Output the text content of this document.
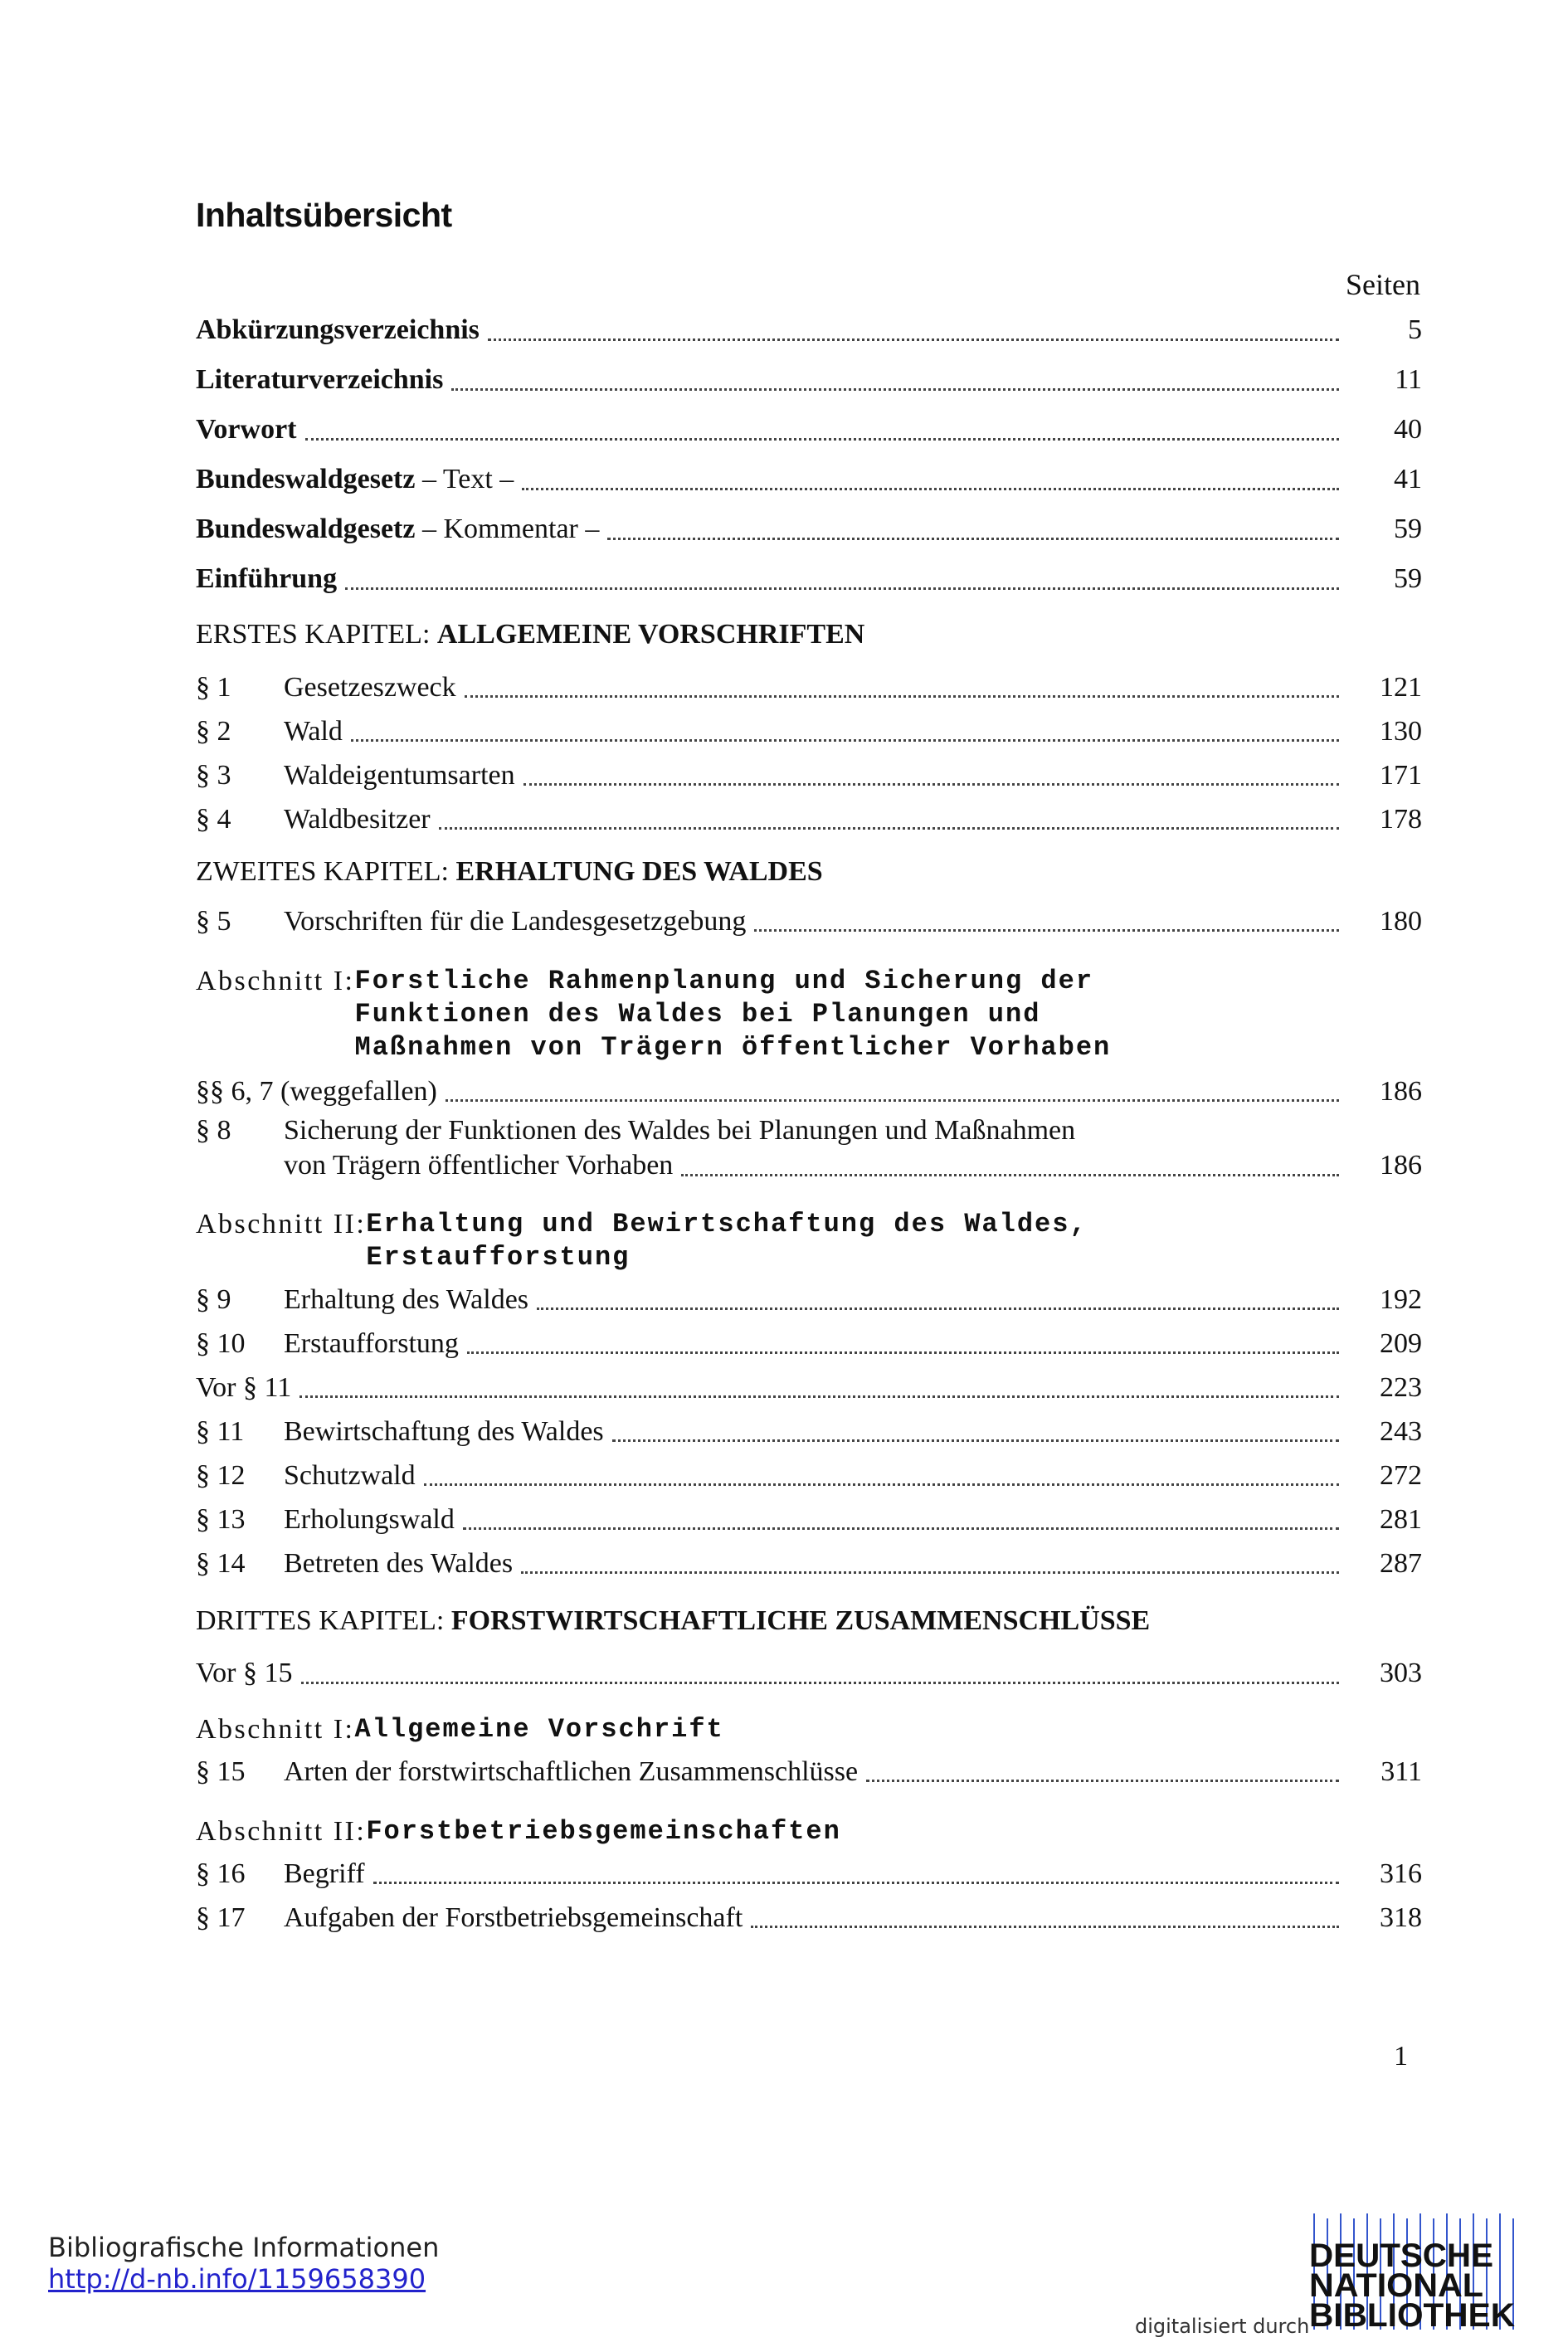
Inhaltsübersicht
Seiten
Abkürzungsverzeichnis	5
Literaturverzeichnis	11
Vorwort	40
Bundeswaldgesetz – Text –	41
Bundeswaldgesetz – Kommentar –	59
Einführung	59
ERSTES KAPITEL: ALLGEMEINE VORSCHRIFTEN
§ 1	Gesetzeszweck	121
§ 2	Wald	130
§ 3	Waldeigentumsarten	171
§ 4	Waldbesitzer	178
ZWEITES KAPITEL: ERHALTUNG DES WALDES
§ 5	Vorschriften für die Landesgesetzgebung	180
Abschnitt I: Forstliche Rahmenplanung und Sicherung der
Funktionen des Waldes bei Planungen und
Maßnahmen von Trägern öffentlicher Vorhaben
§§ 6, 7 (weggefallen)	186
§ 8	Sicherung der Funktionen des Waldes bei Planungen und Maßnahmen
von Trägern öffentlicher Vorhaben	186
Abschnitt II: Erhaltung und Bewirtschaftung des Waldes,
Erstaufforstung
§ 9	Erhaltung des Waldes	192
§ 10	Erstaufforstung	209
Vor § 11	223
§ 11	Bewirtschaftung des Waldes	243
§ 12	Schutzwald	272
§ 13	Erholungswald	281
§ 14	Betreten des Waldes	287
DRITTES KAPITEL: FORSTWIRTSCHAFTLICHE ZUSAMMENSCHLÜSSE
Vor § 15	303
Abschnitt I: Allgemeine Vorschrift
§ 15	Arten der forstwirtschaftlichen Zusammenschlüsse	311
Abschnitt II: Forstbetriebsgemeinschaften
§ 16	Begriff	316
§ 17	Aufgaben der Forstbetriebsgemeinschaft	318
1
Bibliografische Informationen
http://d-nb.info/1159658390
digitalisiert durch
DEUTSCHE
NATIONAL
BIBLIOTHEK
